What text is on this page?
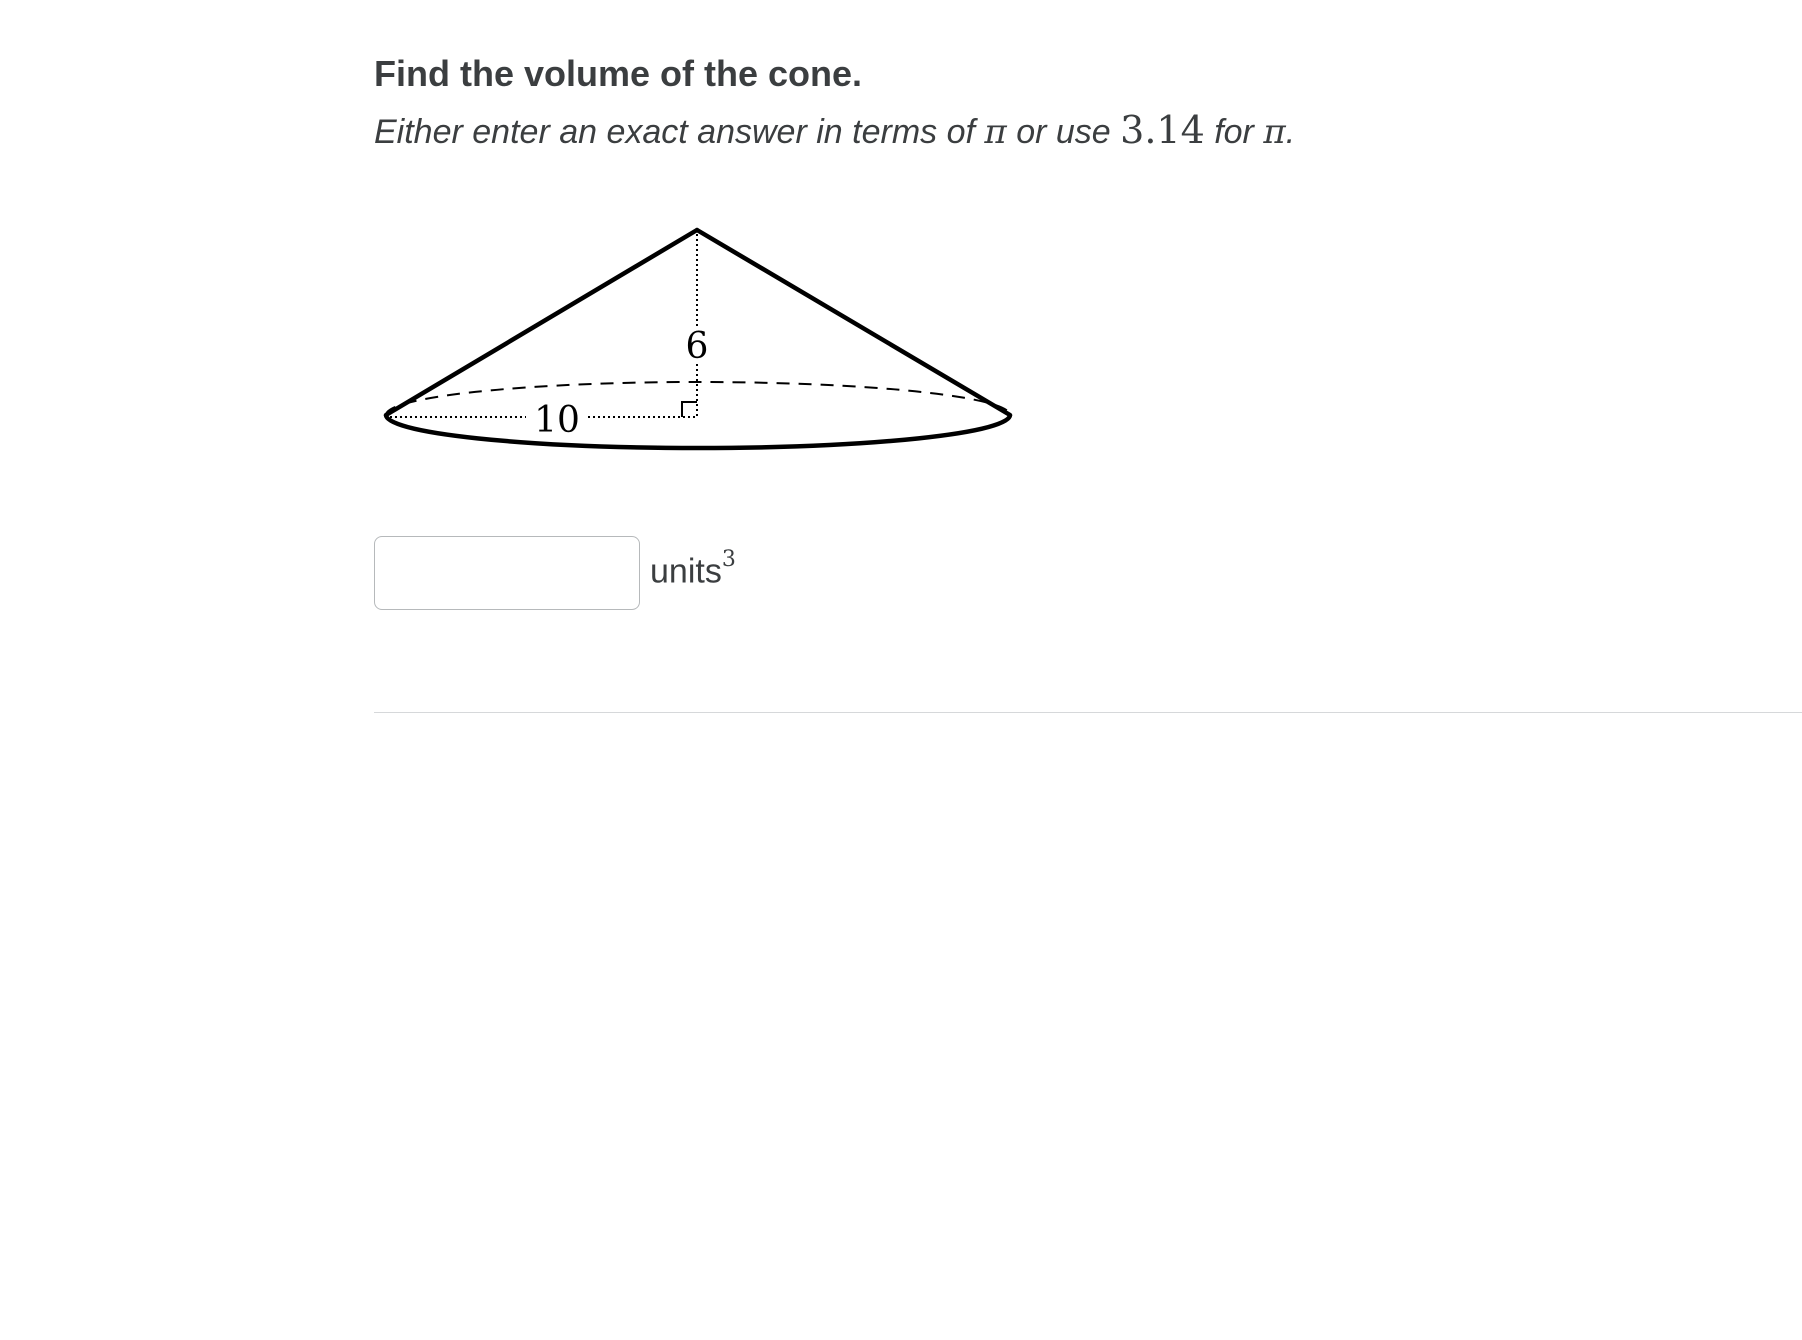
Find the volume of the cone.

Either enter an exact answer in terms of π or use 3.14 for π.

6
10
units$^3$
